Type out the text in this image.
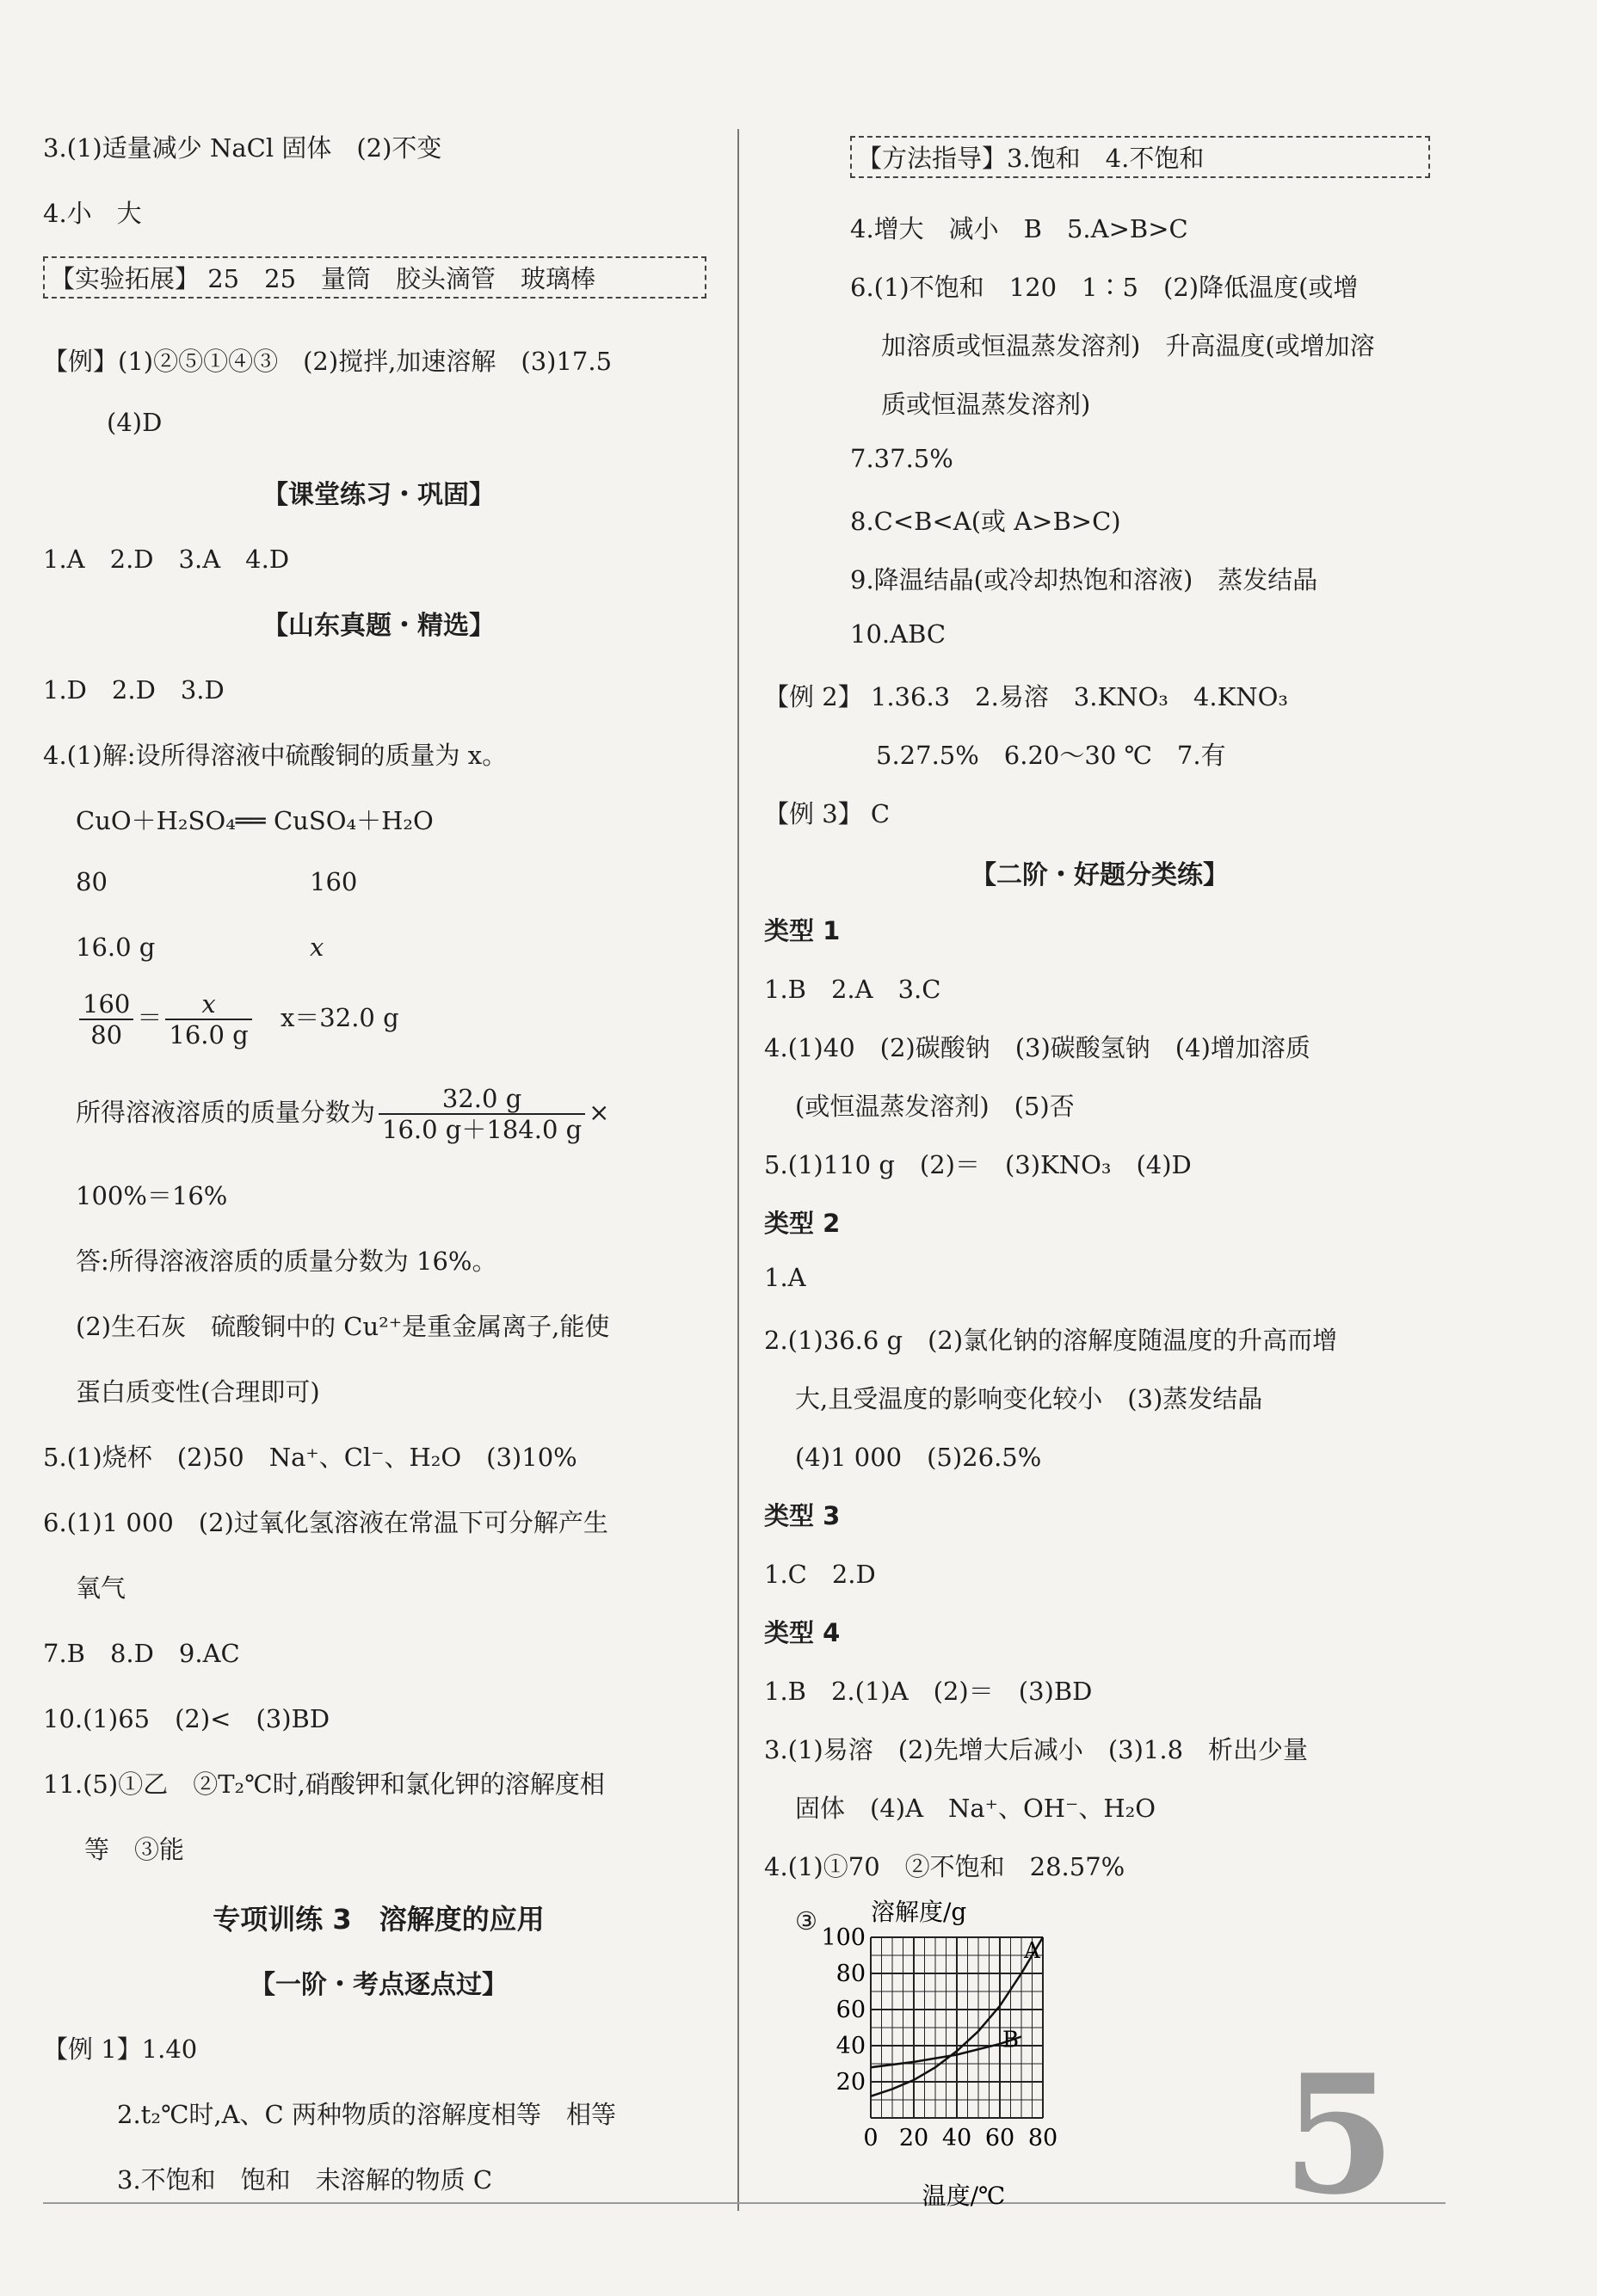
3.(1)适量减少 NaCl 固体　(2)不变
4.小　大
【实验拓展】 25　25　量筒　胶头滴管　玻璃棒
【例】(1)②⑤①④③　(2)搅拌,加速溶解　(3)17.5
(4)D
【课堂练习・巩固】
1.A　2.D　3.A　4.D
【山东真题・精选】
1.D　2.D　3.D
4.(1)解:设所得溶液中硫酸铜的质量为 x。
CuO＋H₂SO₄══ CuSO₄＋H₂O
80	160
16.0 g	x
$\frac{160}{80} = \frac{x}{16.0 g} x=32.0$ g
所得溶液溶质的质量分数为 $\frac{32.0 g}{16.0 g+184.0 g}$ ×
100%＝16%
答:所得溶液溶质的质量分数为 16%。
(2)生石灰　硫酸铜中的 Cu²⁺是重金属离子,能使
蛋白质变性(合理即可)
5.(1)烧杯　(2)50　Na⁺、Cl⁻、H₂O　(3)10%
6.(1)1 000　(2)过氧化氢溶液在常温下可分解产生
氧气
7.B　8.D　9.AC
10.(1)65　(2)<　(3)BD
11.(5)①乙　②T₂℃时,硝酸钾和氯化钾的溶解度相
等　③能
专项训练 3　溶解度的应用
【一阶・考点逐点过】
【例 1】1.40
2.t₂℃时,A、C 两种物质的溶解度相等　相等
3.不饱和　饱和　未溶解的物质 C
【方法指导】3.饱和　4.不饱和
4.增大　减小　B　5.A>B>C
6.(1)不饱和　120　1∶5　(2)降低温度(或增
加溶质或恒温蒸发溶剂)　升高温度(或增加溶
质或恒温蒸发溶剂)
7.37.5%
8.C<B<A(或 A>B>C)
9.降温结晶(或冷却热饱和溶液)　蒸发结晶
10.ABC
【例 2】 1.36.3　2.易溶　3.KNO₃　4.KNO₃
5.27.5%　6.20～30 ℃　7.有
【例 3】 C
【二阶・好题分类练】
类型 1
1.B　2.A　3.C
4.(1)40　(2)碳酸钠　(3)碳酸氢钠　(4)增加溶质
(或恒温蒸发溶剂)　(5)否
5.(1)110 g　(2)＝　(3)KNO₃　(4)D
类型 2
1.A
2.(1)36.6 g　(2)氯化钠的溶解度随温度的升高而增
大,且受温度的影响变化较小　(3)蒸发结晶
(4)1 000　(5)26.5%
类型 3
1.C　2.D
类型 4
1.B　2.(1)A　(2)＝　(3)BD
3.(1)易溶　(2)先增大后减小　(3)1.8　析出少量
固体　(4)A　Na⁺、OH⁻、H₂O
4.(1)①70　②不饱和　28.57%
③ 溶解度/g
20
40
60
80
100
0 20 40 60 80
A
B
温度/℃ 5
